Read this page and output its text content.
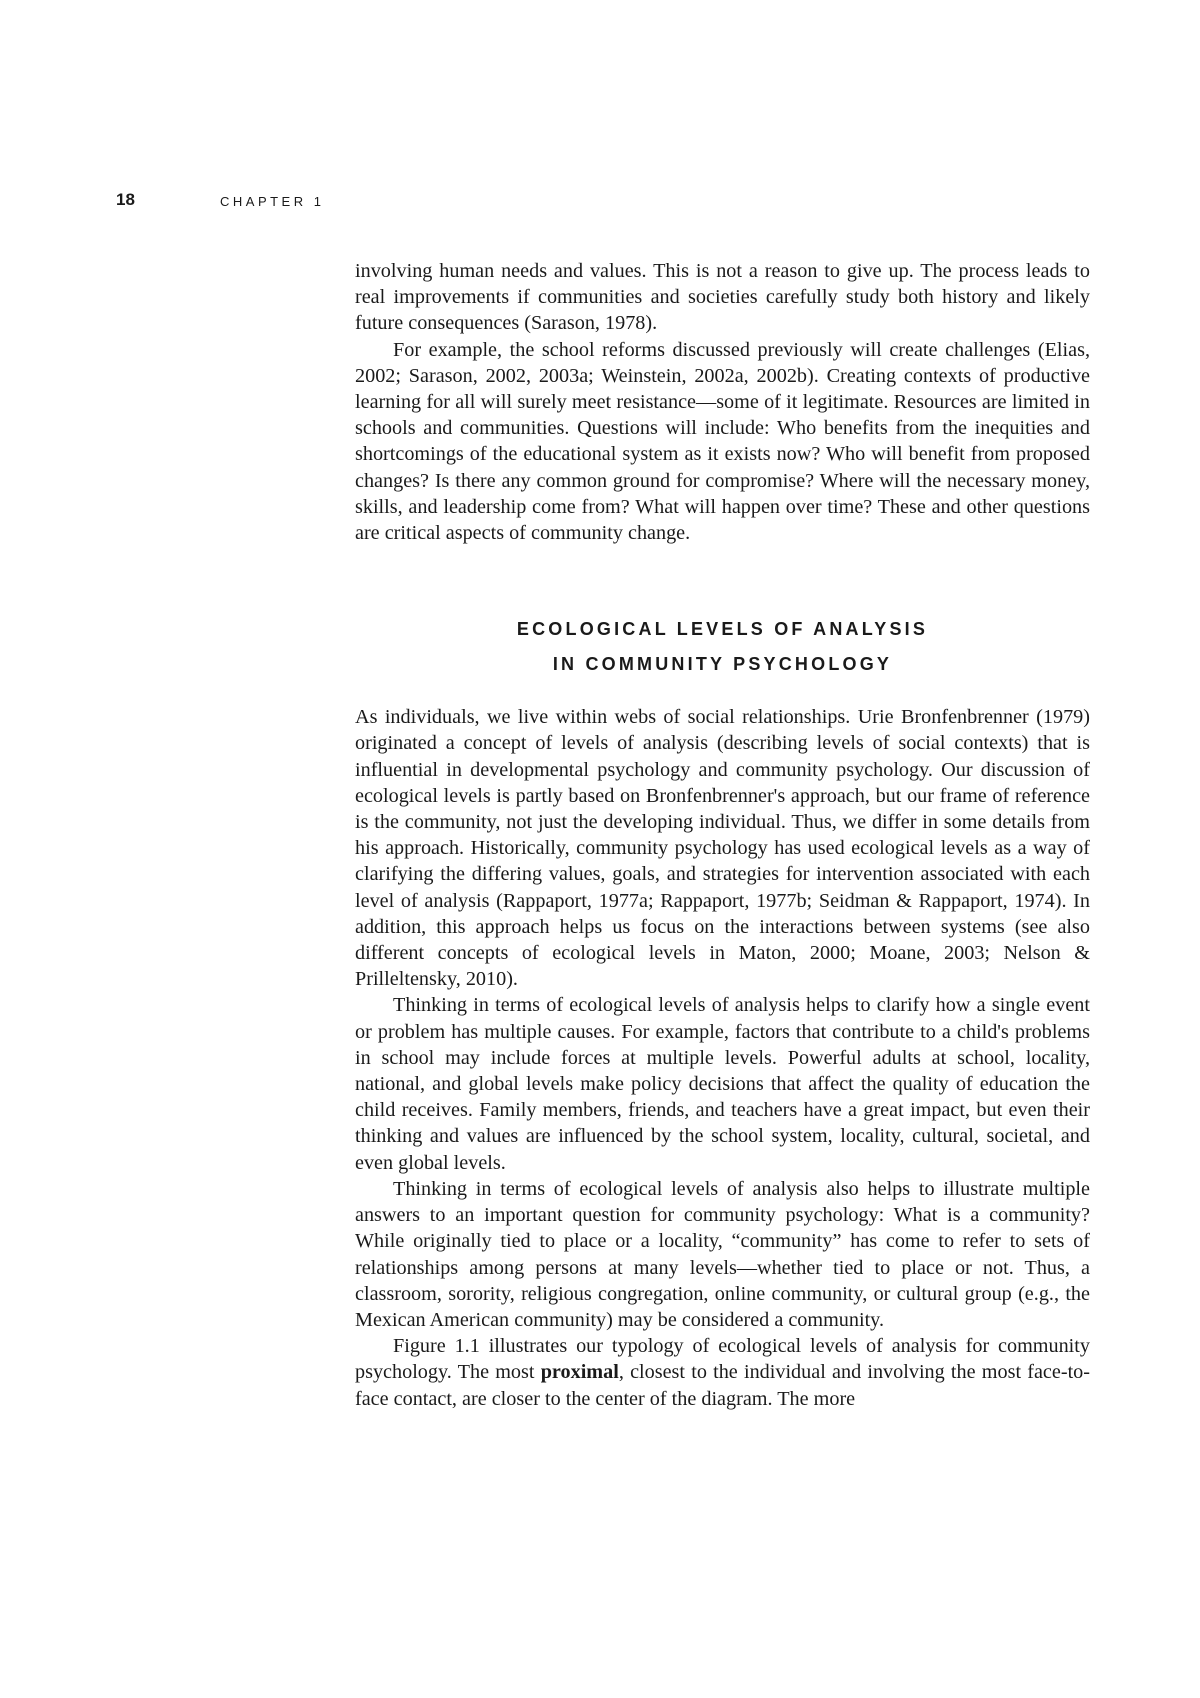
18	CHAPTER 1

involving human needs and values. This is not a reason to give up. The process leads to real improvements if communities and societies carefully study both history and likely future consequences (Sarason, 1978).

For example, the school reforms discussed previously will create challenges (Elias, 2002; Sarason, 2002, 2003a; Weinstein, 2002a, 2002b). Creating contexts of productive learning for all will surely meet resistance—some of it legitimate. Resources are limited in schools and communities. Questions will include: Who benefits from the inequities and shortcomings of the educational system as it exists now? Who will benefit from proposed changes? Is there any common ground for compromise? Where will the necessary money, skills, and leadership come from? What will happen over time? These and other questions are critical aspects of community change.

ECOLOGICAL LEVELS OF ANALYSIS
IN COMMUNITY PSYCHOLOGY

As individuals, we live within webs of social relationships. Urie Bronfenbrenner (1979) originated a concept of levels of analysis (describing levels of social contexts) that is influential in developmental psychology and community psychology. Our discussion of ecological levels is partly based on Bronfenbrenner's approach, but our frame of reference is the community, not just the developing individual. Thus, we differ in some details from his approach. Historically, community psychology has used ecological levels as a way of clarifying the differing values, goals, and strategies for intervention associated with each level of analysis (Rappaport, 1977a; Rappaport, 1977b; Seidman & Rappaport, 1974). In addition, this approach helps us focus on the interactions between systems (see also different concepts of ecological levels in Maton, 2000; Moane, 2003; Nelson & Prilleltensky, 2010).

Thinking in terms of ecological levels of analysis helps to clarify how a single event or problem has multiple causes. For example, factors that contribute to a child's problems in school may include forces at multiple levels. Powerful adults at school, locality, national, and global levels make policy decisions that affect the quality of education the child receives. Family members, friends, and teachers have a great impact, but even their thinking and values are influenced by the school system, locality, cultural, societal, and even global levels.

Thinking in terms of ecological levels of analysis also helps to illustrate multiple answers to an important question for community psychology: What is a community? While originally tied to place or a locality, “community” has come to refer to sets of relationships among persons at many levels—whether tied to place or not. Thus, a classroom, sorority, religious congregation, online community, or cultural group (e.g., the Mexican American community) may be considered a community.

Figure 1.1 illustrates our typology of ecological levels of analysis for community psychology. The most proximal, closest to the individual and involving the most face-to-face contact, are closer to the center of the diagram. The more
